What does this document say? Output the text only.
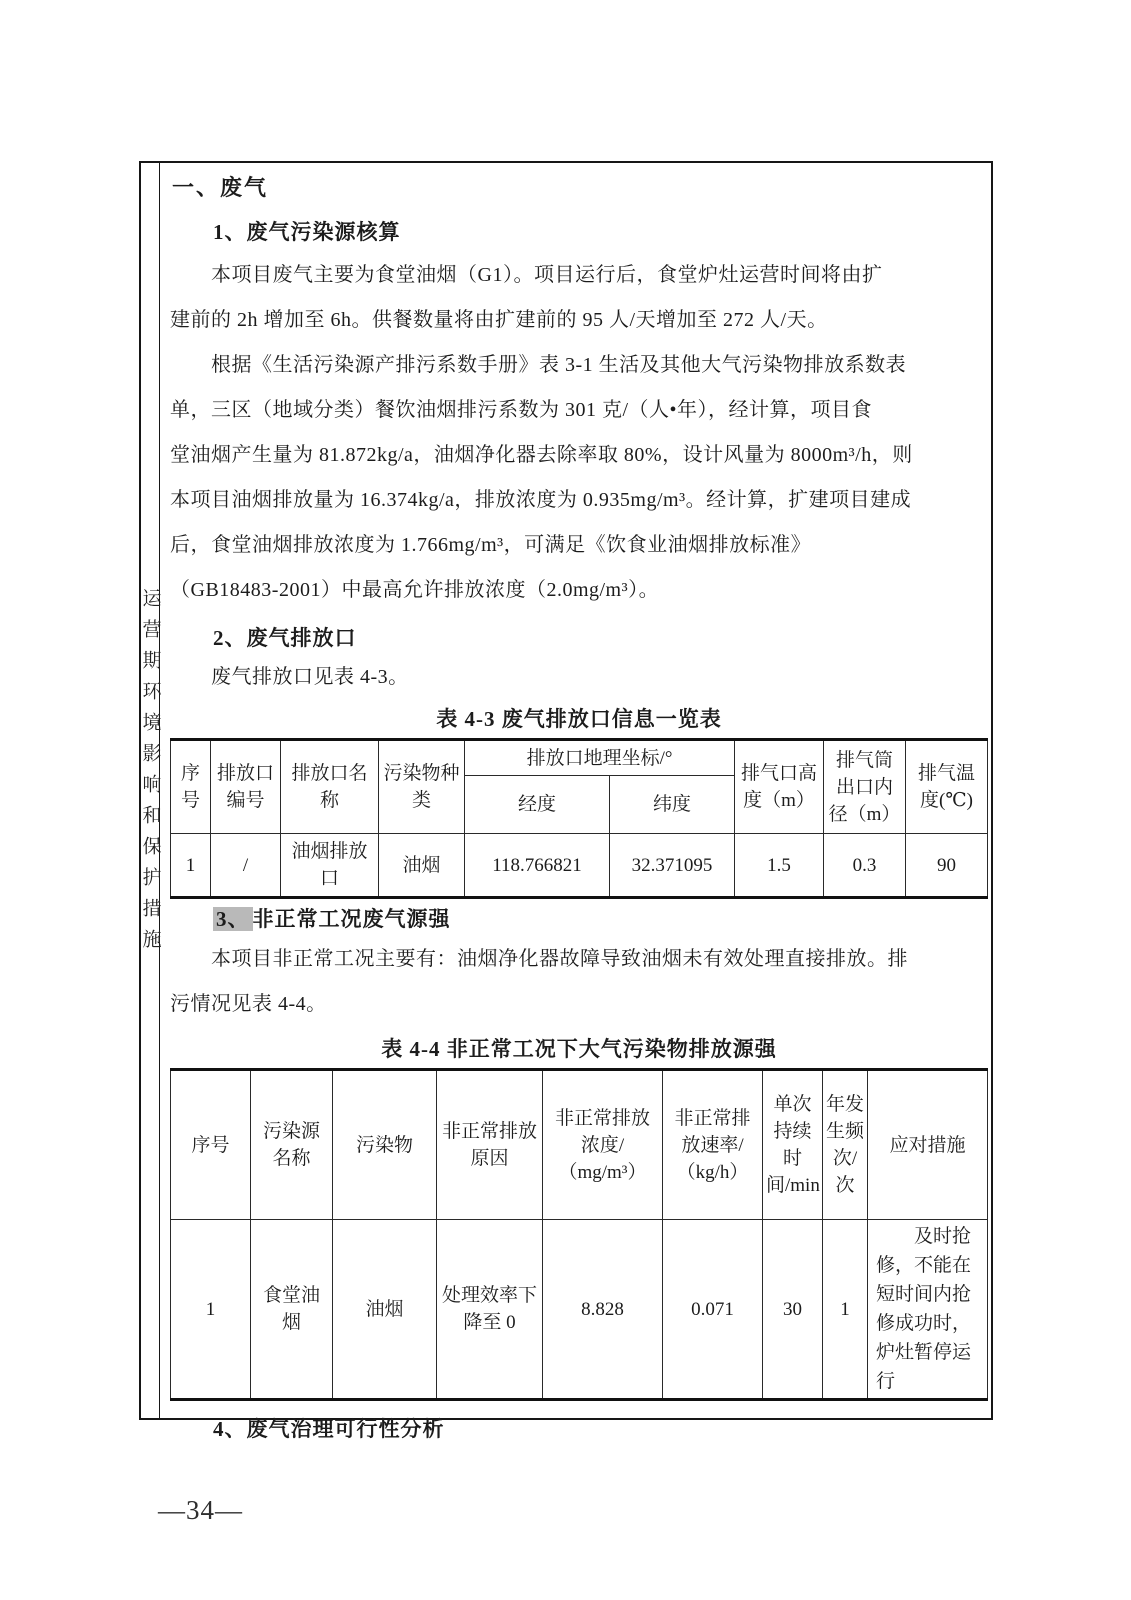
运营期环境影响和保护措施
一、废气
1、废气污染源核算
本项目废气主要为食堂油烟（G1）。项目运行后，食堂炉灶运营时间将由扩
建前的 2h 增加至 6h。供餐数量将由扩建前的 95 人/天增加至 272 人/天。
根据《生活污染源产排污系数手册》表 3-1 生活及其他大气污染物排放系数表
单，三区（地域分类）餐饮油烟排污系数为 301 克/（人•年），经计算，项目食
堂油烟产生量为 81.872kg/a，油烟净化器去除率取 80%，设计风量为 8000m³/h，则
本项目油烟排放量为 16.374kg/a，排放浓度为 0.935mg/m³。经计算，扩建项目建成
后，食堂油烟排放浓度为 1.766mg/m³，可满足《饮食业油烟排放标准》
（GB18483-2001）中最高允许排放浓度（2.0mg/m³）。
2、废气排放口
废气排放口见表 4-3。
表 4-3 废气排放口信息一览表
序号	排放口编号	排放口名称	污染物种类	排放口地理坐标/°		排气口高度（m）	排气筒出口内径（m）	排气温度(℃)
				经度	纬度			
1	/	油烟排放口	油烟	118.766821	32.371095	1.5	0.3	90
3、 非正常工况废气源强
本项目非正常工况主要有：油烟净化器故障导致油烟未有效处理直接排放。排
污情况见表 4-4。
表 4-4 非正常工况下大气污染物排放源强
序号	污染源名称	污染物	非正常排放原因	非正常排放浓度/（mg/m³）	非正常排放速率/（kg/h）	单次持续时间/min	年发生频次/次	应对措施
1	食堂油烟	油烟	处理效率下降至 0	8.828	0.071	30	1	及时抢修，不能在短时间内抢修成功时，炉灶暂停运行
4、废气治理可行性分析
—34—
